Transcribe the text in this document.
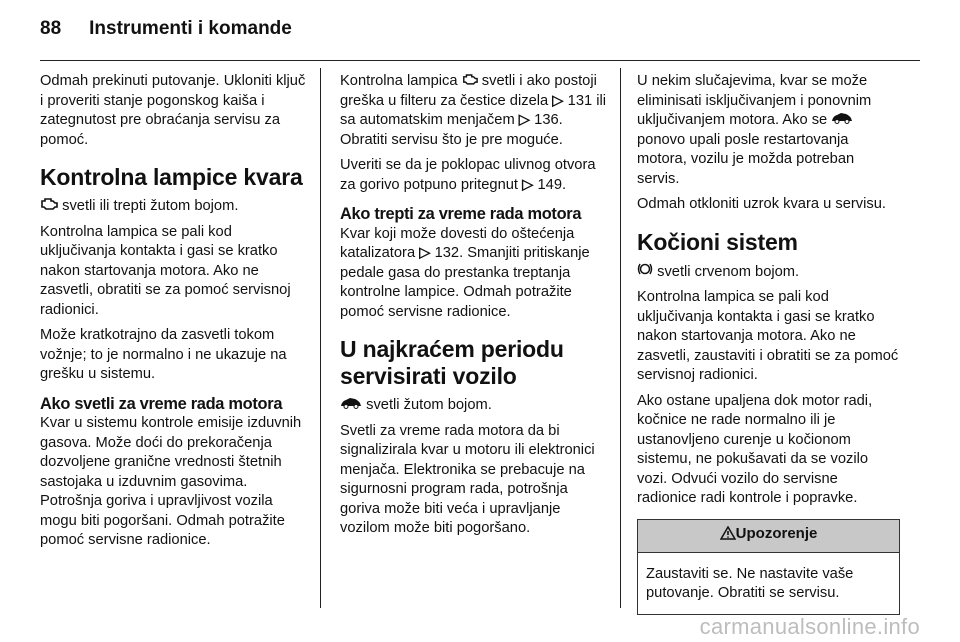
88 Instrumenti i komande

Odmah prekinuti putovanje. Ukloniti ključ i proveriti stanje pogonskog kaiša i zategnutost pre obraćanja servisu za pomoć.

Kontrolna lampice kvara

svetli ili trepti žutom bojom.

Kontrolna lampica se pali kod uključivanja kontakta i gasi se kratko nakon startovanja motora. Ako ne zasvetli, obratiti se za pomoć servisnoj radionici.

Može kratkotrajno da zasvetli tokom vožnje; to je normalno i ne ukazuje na grešku u sistemu.

Ako svetli za vreme rada motora

Kvar u sistemu kontrole emisije izduvnih gasova. Može doći do prekoračenja dozvoljene granične vrednosti štetnih sastojaka u izduvnim gasovima. Potrošnja goriva i upravljivost vozila mogu biti pogoršani. Odmah potražite pomoć servisne radionice.

Kontrolna lampica svetli i ako postoji greška u filteru za čestice dizela ▷ 131 ili sa automatskim menjačem ▷ 136. Obratiti servisu što je pre moguće.

Uveriti se da je poklopac ulivnog otvora za gorivo potpuno pritegnut ▷ 149.

Ako trepti za vreme rada motora

Kvar koji može dovesti do oštećenja katalizatora ▷ 132. Smanjiti pritiskanje pedale gasa do prestanka treptanja kontrolne lampice. Odmah potražite pomoć servisne radionice.

U najkraćem periodu servisirati vozilo

svetli žutom bojom.

Svetli za vreme rada motora da bi signalizirala kvar u motoru ili elektronici menjača. Elektronika se prebacuje na sigurnosni program rada, potrošnja goriva može biti veća i upravljanje vozilom može biti pogoršano.

U nekim slučajevima, kvar se može eliminisati isključivanjem i ponovnim uključivanjem motora. Ako se  ponovo upali posle restartovanja motora, vozilu je možda potreban servis.

Odmah otkloniti uzrok kvara u servisu.

Kočioni sistem

svetli crvenom bojom.

Kontrolna lampica se pali kod uključivanja kontakta i gasi se kratko nakon startovanja motora. Ako ne zasvetli, zaustaviti i obratiti se za pomoć servisnoj radionici.

Ako ostane upaljena dok motor radi, kočnice ne rade normalno ili je ustanovljeno curenje u kočionom sistemu, ne pokušavati da se vozilo vozi. Odvući vozilo do servisne radionice radi kontrole i popravke.

Upozorenje
Zaustaviti se. Ne nastavite vaše putovanje. Obratiti se servisu.
carmanualsonline.info
